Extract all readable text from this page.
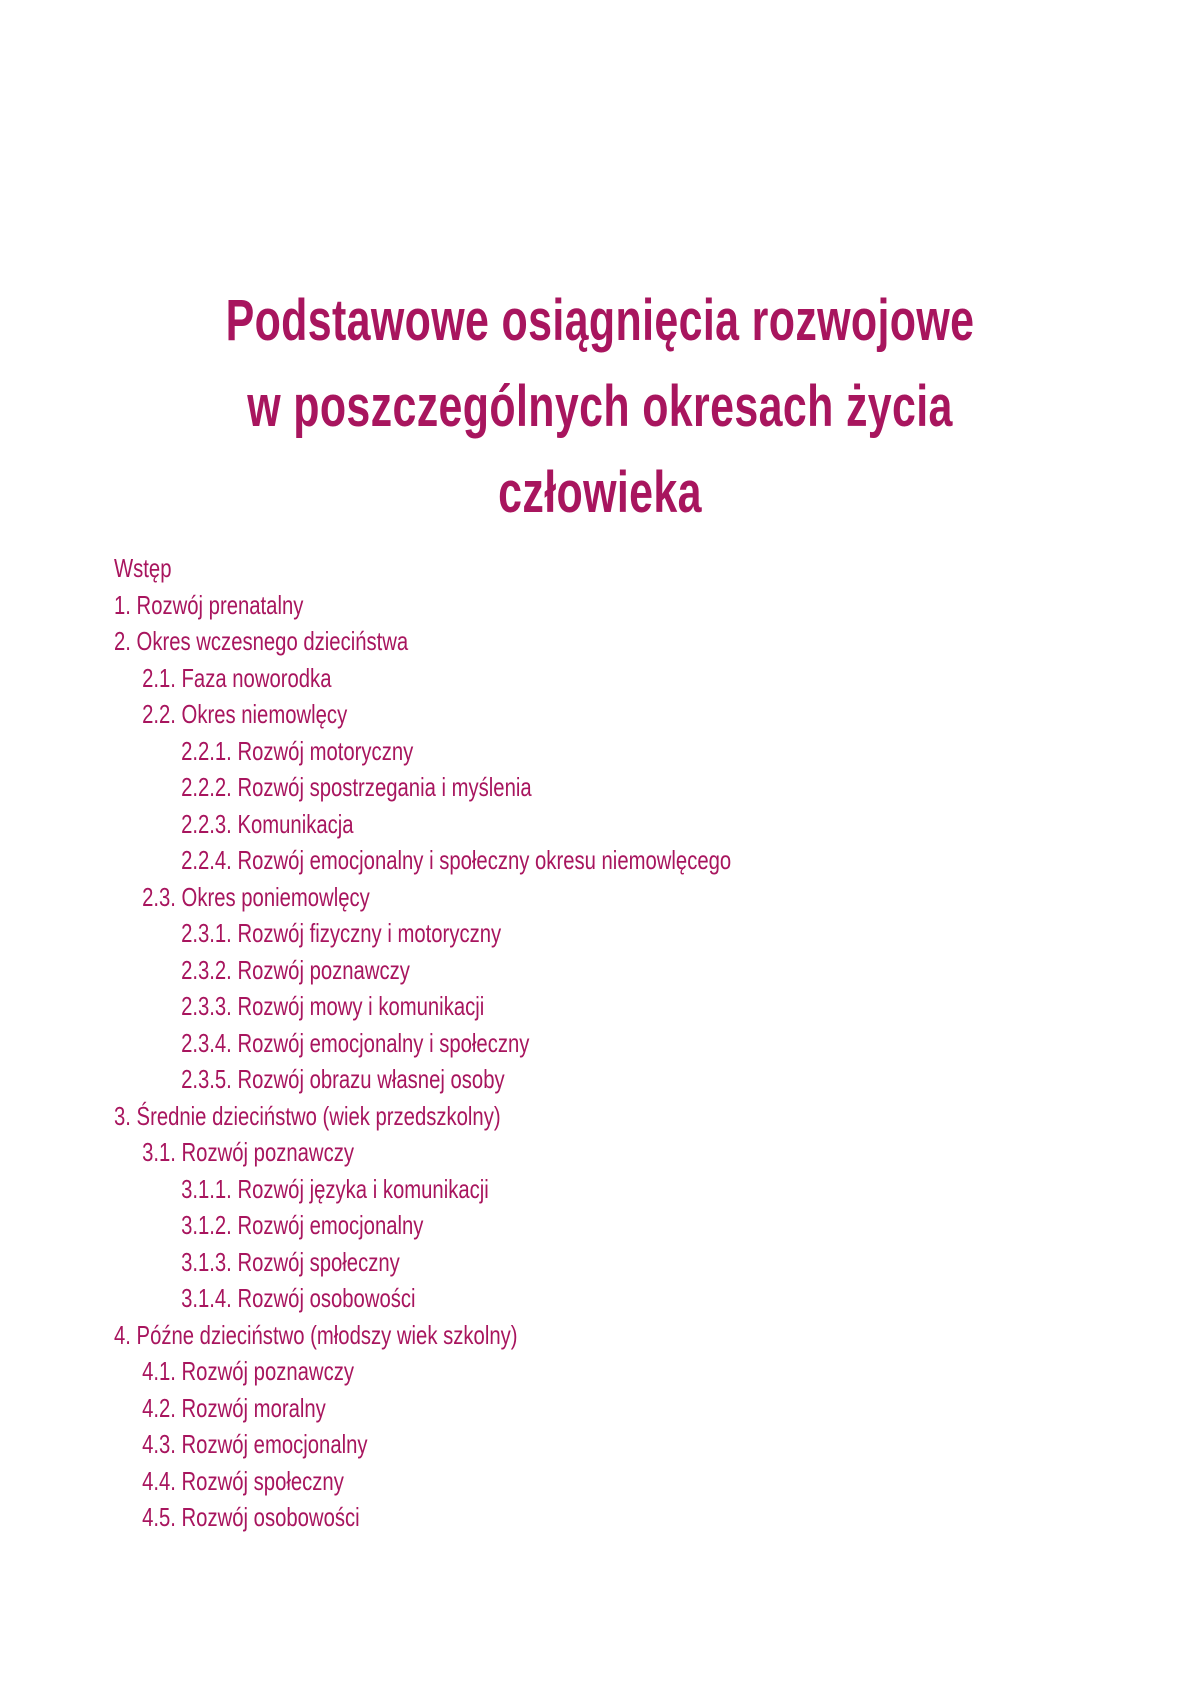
Podstawowe osiągnięcia rozwojowe
w poszczególnych okresach życia człowieka
Wstęp
1. Rozwój prenatalny
2. Okres wczesnego dzieciństwa
2.1. Faza noworodka
2.2. Okres niemowlęcy
2.2.1. Rozwój motoryczny
2.2.2. Rozwój spostrzegania i myślenia
2.2.3. Komunikacja
2.2.4. Rozwój emocjonalny i społeczny okresu niemowlęcego
2.3. Okres poniemowlęcy
2.3.1. Rozwój fizyczny i motoryczny
2.3.2. Rozwój poznawczy
2.3.3. Rozwój mowy i komunikacji
2.3.4. Rozwój emocjonalny i społeczny
2.3.5. Rozwój obrazu własnej osoby
3. Średnie dzieciństwo (wiek przedszkolny)
3.1. Rozwój poznawczy
3.1.1. Rozwój języka i komunikacji
3.1.2. Rozwój emocjonalny
3.1.3. Rozwój społeczny
3.1.4. Rozwój osobowości
4. Późne dzieciństwo (młodszy wiek szkolny)
4.1. Rozwój poznawczy
4.2. Rozwój moralny
4.3. Rozwój emocjonalny
4.4. Rozwój społeczny
4.5. Rozwój osobowości
